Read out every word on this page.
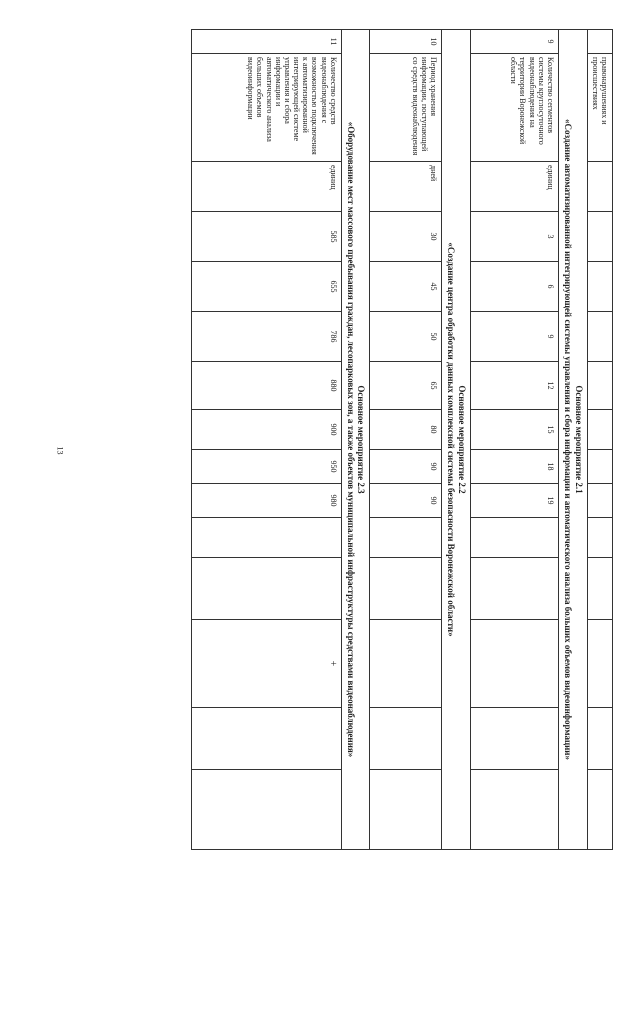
13
	правонарушениях и происшествиях													

Основное мероприятие 2.1
«Создание автоматизированной интегрирующей системы управления и сбора информации и автоматического анализа больших объемов видеоинформации»														

9	Количество сегментов системы круглосуточного видеонаблюдения на территории Воронежской области	единиц	3	6	9	12	15	18	19					

Основное мероприятие 2.2
«Создание центра обработки данных комплексной системы безопасности Воронежской области»														

10	Период хранения информации, поступающей со средств видеонаблюдения	дней	30	45	50	65	80	90	90					

Основное мероприятие 2.3
«Оборудование мест массового пребывания граждан, лесопарковых зон, а также объектов муниципальной инфраструктуры средствами видеонаблюдения»														

11	Количество средств видеонаблюдения с возможностью подключения к автоматизированной интегрирующей системе управления и сбора информации и автоматического анализа больших объемов видеоинформации	единиц	585	655	786	880	900	950	980			+		
